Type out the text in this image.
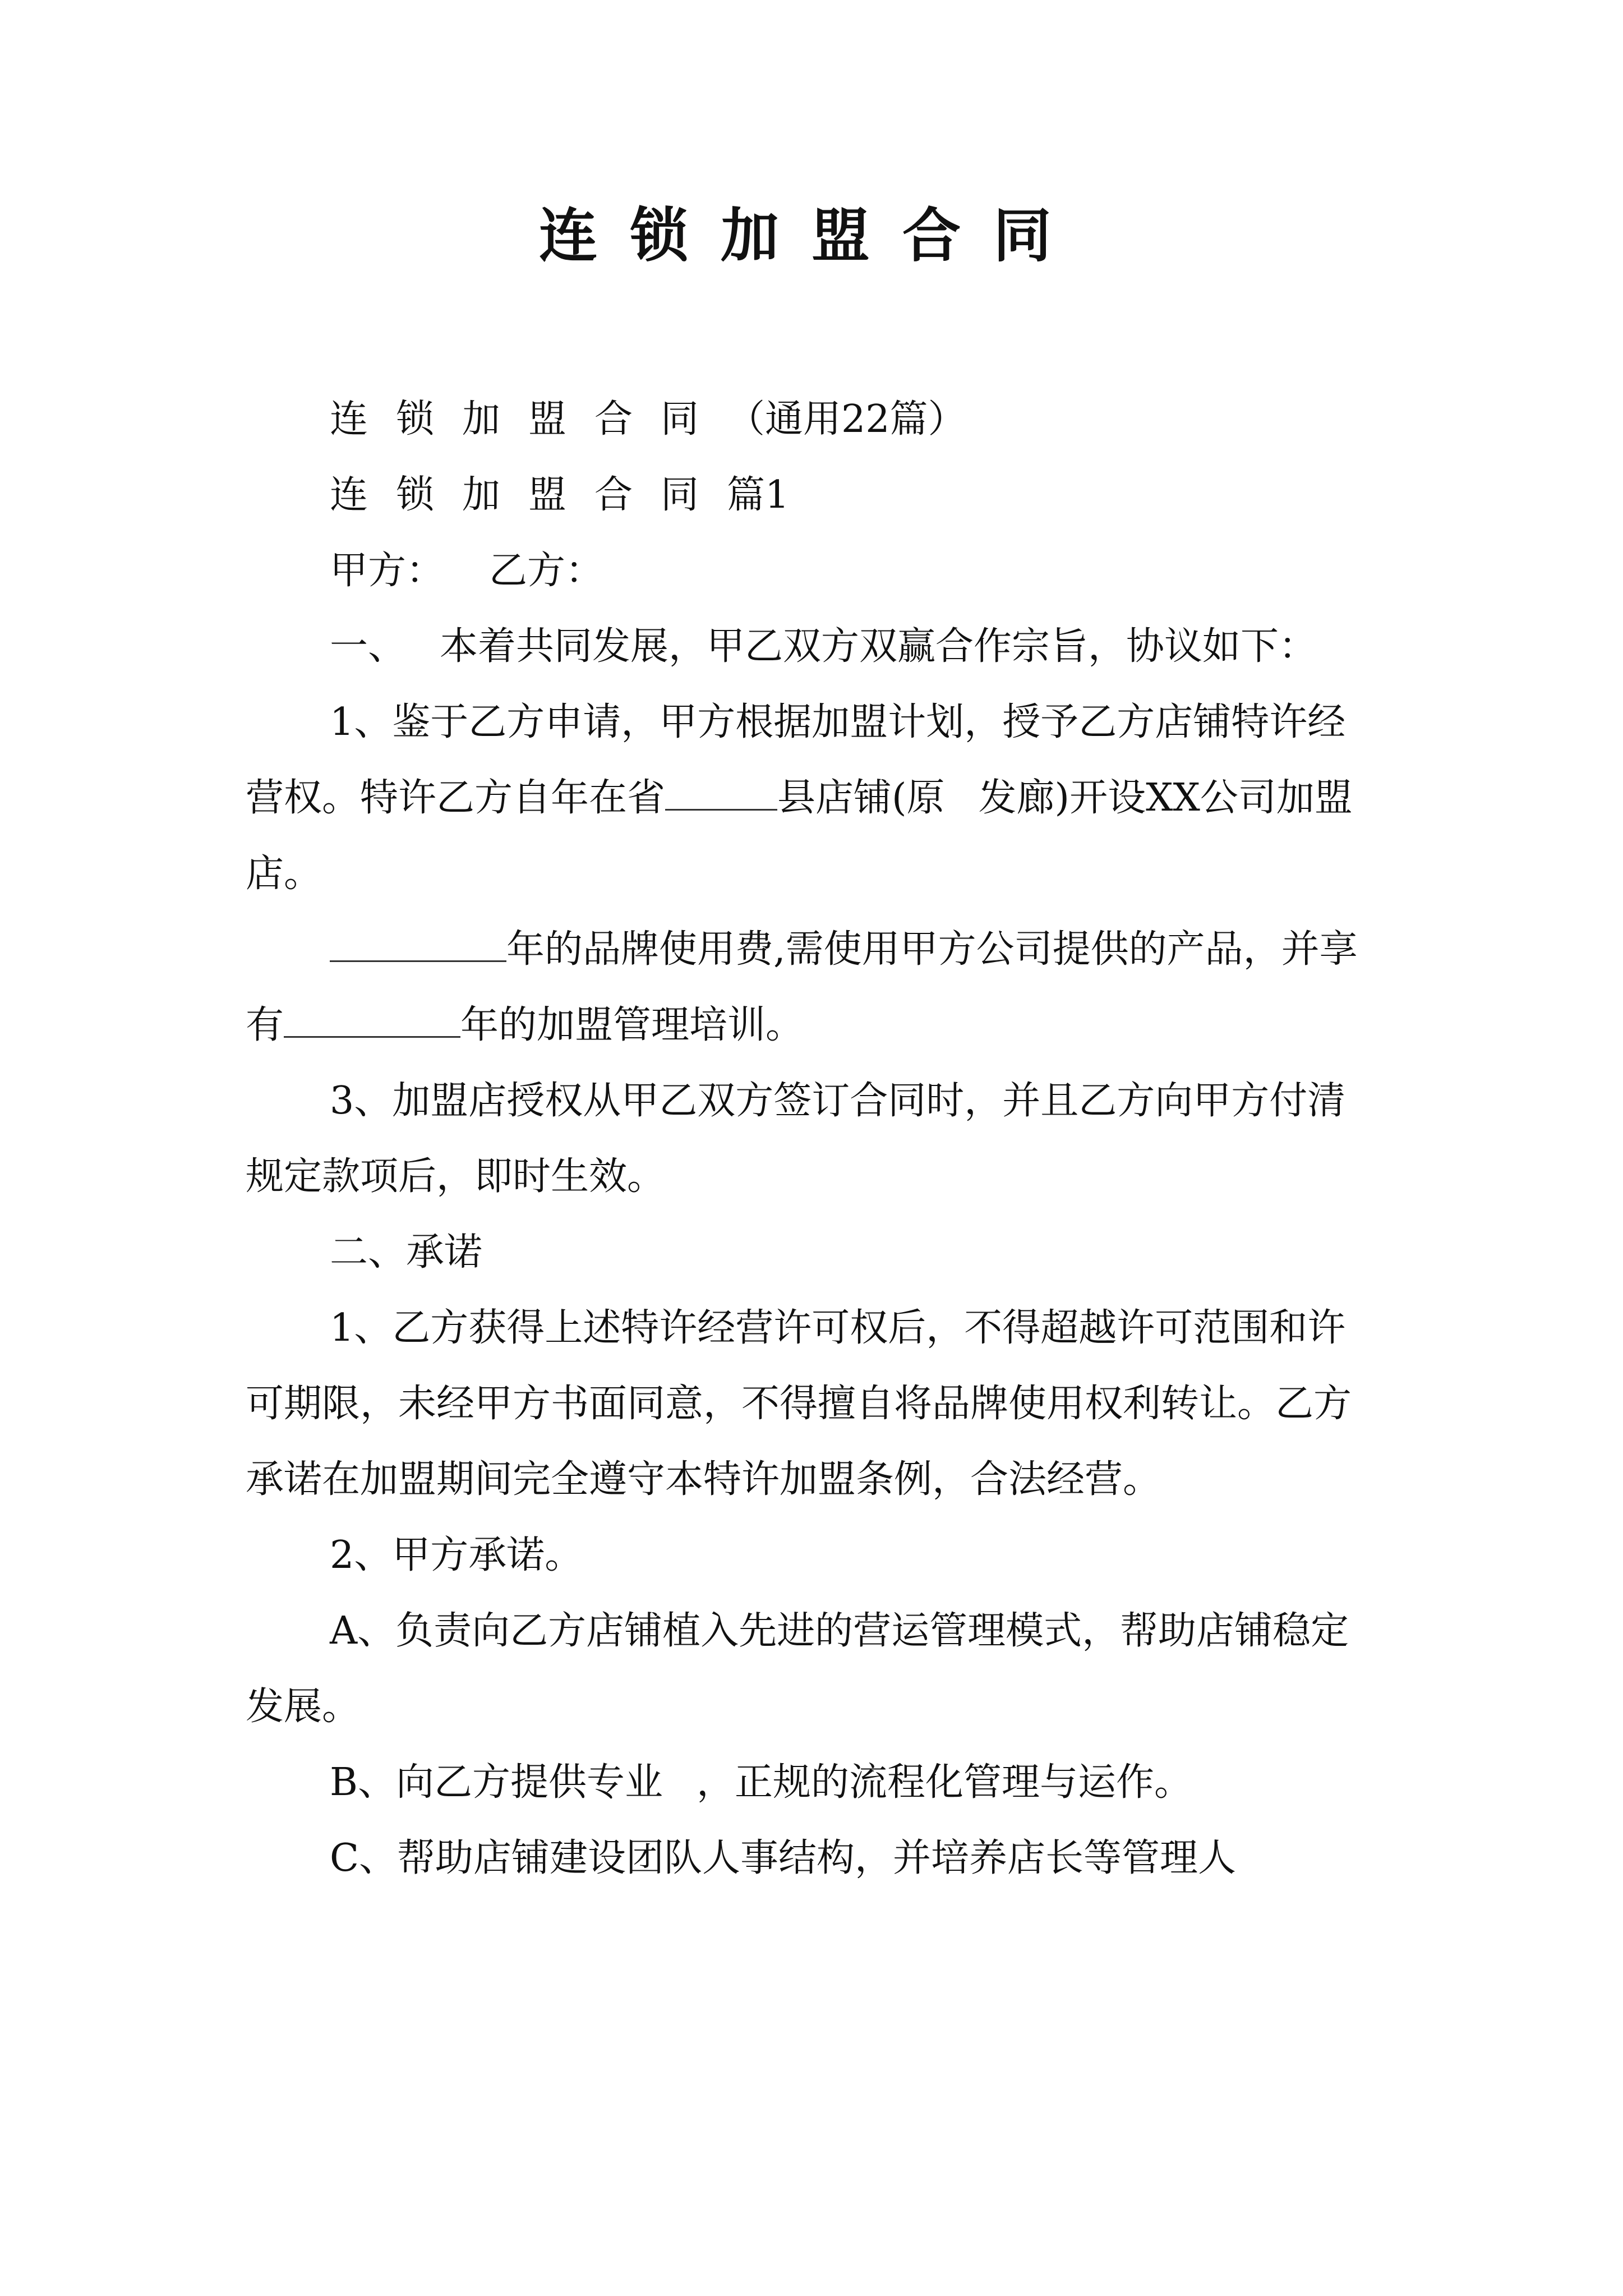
连锁加盟合同

连锁加盟合同（通用22篇）

连锁加盟合同篇1

甲方： 乙方：

一、 本着共同发展，甲乙双方双赢合作宗旨，协议如下：

1、鉴于乙方申请，甲方根据加盟计划，授予乙方店铺特许经营权。特许乙方自年在省	县店铺(原 发廊)开设XX公司加盟店。

年的品牌使用费,需使用甲方公司提供的产品，并享有	年的加盟管理培训。

3、加盟店授权从甲乙双方签订合同时，并且乙方向甲方付清规定款项后，即时生效。

二、承诺

1、乙方获得上述特许经营许可权后，不得超越许可范围和许可期限，未经甲方书面同意，不得擅自将品牌使用权利转让。乙方承诺在加盟期间完全遵守本特许加盟条例，合法经营。

2、甲方承诺。

A、负责向乙方店铺植入先进的营运管理模式，帮助店铺稳定发展。

B、向乙方提供专业 ，正规的流程化管理与运作。

C、帮助店铺建设团队人事结构，并培养店长等管理人
